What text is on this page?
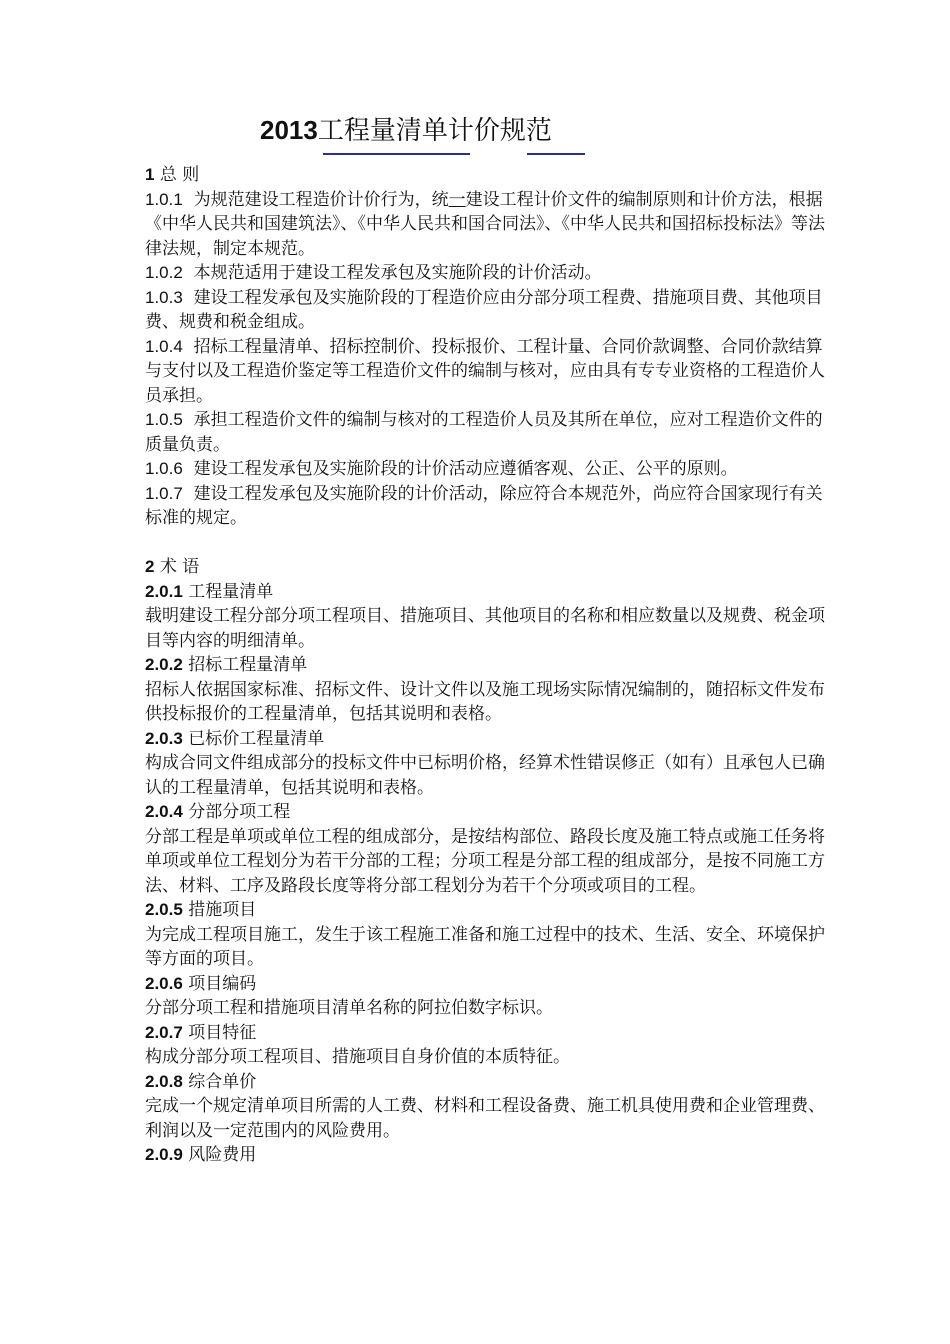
2013工程量清单计价规范

1 总 则

1.0.1 为规范建设工程造价计价行为，统一建设工程计价文件的编制原则和计价方法，根据《中华人民共和国建筑法》、《中华人民共和国合同法》、《中华人民共和国招标投标法》等法律法规，制定本规范。

1.0.2 本规范适用于建设工程发承包及实施阶段的计价活动。

1.0.3 建设工程发承包及实施阶段的丁程造价应由分部分项工程费、措施项目费、其他项目费、规费和税金组成。

1.0.4 招标工程量清单、招标控制价、投标报价、工程计量、合同价款调整、合同价款结算与支付以及工程造价鉴定等工程造价文件的编制与核对，应由具有专专业资格的工程造价人员承担。

1.0.5 承担工程造价文件的编制与核对的工程造价人员及其所在单位，应对工程造价文件的质量负责。

1.0.6 建设工程发承包及实施阶段的计价活动应遵循客观、公正、公平的原则。

1.0.7 建设工程发承包及实施阶段的计价活动，除应符合本规范外，尚应符合国家现行有关标准的规定。

2 术 语

2.0.1 工程量清单

载明建设工程分部分项工程项目、措施项目、其他项目的名称和相应数量以及规费、税金项目等内容的明细清单。

2.0.2 招标工程量清单

招标人依据国家标准、招标文件、设计文件以及施工现场实际情况编制的，随招标文件发布供投标报价的工程量清单，包括其说明和表格。

2.0.3 已标价工程量清单

构成合同文件组成部分的投标文件中已标明价格，经算术性错误修正（如有）且承包人已确认的工程量清单，包括其说明和表格。

2.0.4 分部分项工程

分部工程是单项或单位工程的组成部分，是按结构部位、路段长度及施工特点或施工任务将单项或单位工程划分为若干分部的工程；分项工程是分部工程的组成部分，是按不同施工方法、材料、工序及路段长度等将分部工程划分为若干个分项或项目的工程。

2.0.5 措施项目

为完成工程项目施工，发生于该工程施工准备和施工过程中的技术、生活、安全、环境保护等方面的项目。

2.0.6 项目编码

分部分项工程和措施项目清单名称的阿拉伯数字标识。

2.0.7 项目特征

构成分部分项工程项目、措施项目自身价值的本质特征。

2.0.8 综合单价

完成一个规定清单项目所需的人工费、材料和工程设备费、施工机具使用费和企业管理费、利润以及一定范围内的风险费用。

2.0.9 风险费用
